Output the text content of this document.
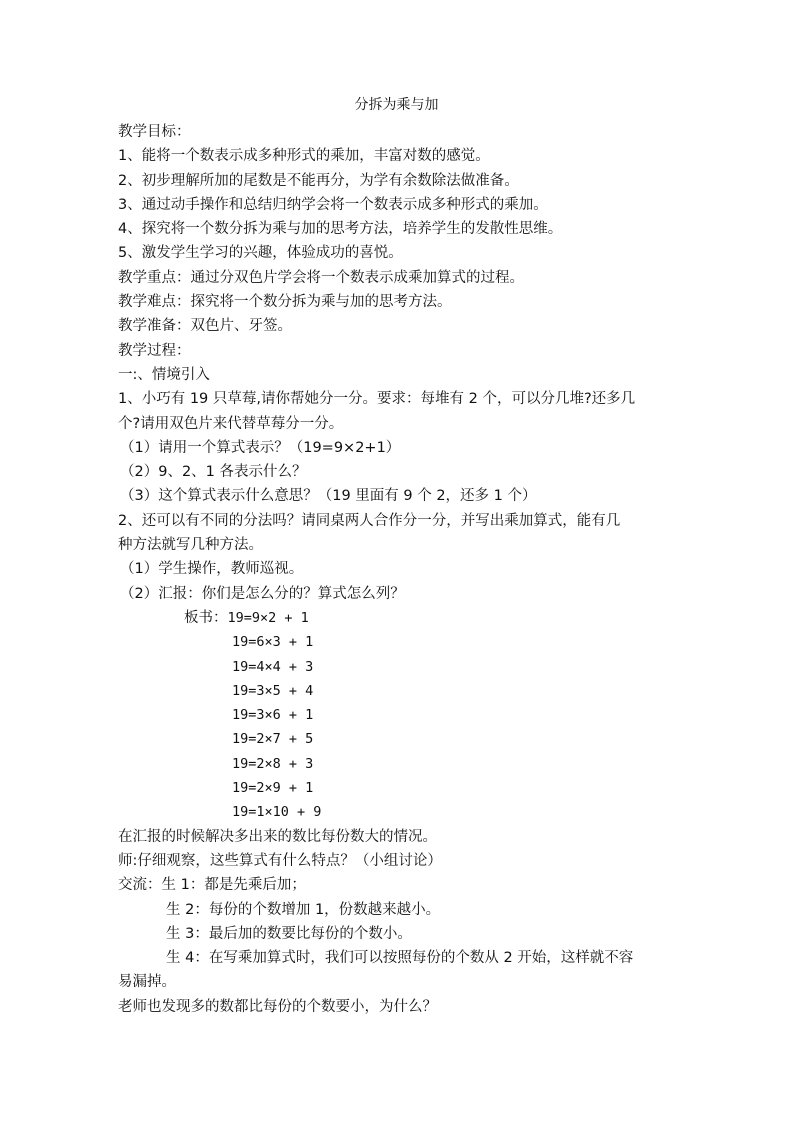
分拆为乘与加
教学目标：
1、能将一个数表示成多种形式的乘加，丰富对数的感觉。
2、初步理解所加的尾数是不能再分，为学有余数除法做准备。
3、通过动手操作和总结归纳学会将一个数表示成多种形式的乘加。
4、探究将一个数分拆为乘与加的思考方法，培养学生的发散性思维。
5、激发学生学习的兴趣，体验成功的喜悦。
教学重点：通过分双色片学会将一个数表示成乘加算式的过程。
教学难点：探究将一个数分拆为乘与加的思考方法。
教学准备：双色片、牙签。
教学过程：
一:、情境引入
1、小巧有 19 只草莓,请你帮她分一分。要求：每堆有 2 个，可以分几堆?还多几
个?请用双色片来代替草莓分一分。
（1）请用一个算式表示？（19=9×2+1）
（2）9、2、1 各表示什么？
（3）这个算式表示什么意思？（19 里面有 9 个 2，还多 1 个）
2、还可以有不同的分法吗？请同桌两人合作分一分，并写出乘加算式，能有几
种方法就写几种方法。
（1）学生操作，教师巡视。
（2）汇报：你们是怎么分的？算式怎么列？
板书：19=9×2 + 1
19=6×3 + 1
19=4×4 + 3
19=3×5 + 4
19=3×6 + 1
19=2×7 + 5
19=2×8 + 3
19=2×9 + 1
19=1×10 + 9
在汇报的时候解决多出来的数比每份数大的情况。
师:仔细观察，这些算式有什么特点？（小组讨论）
交流：生 1：都是先乘后加；
生 2：每份的个数增加 1，份数越来越小。
生 3：最后加的数要比每份的个数小。
生 4：在写乘加算式时，我们可以按照每份的个数从 2 开始，这样就不容
易漏掉。
老师也发现多的数都比每份的个数要小，为什么？
